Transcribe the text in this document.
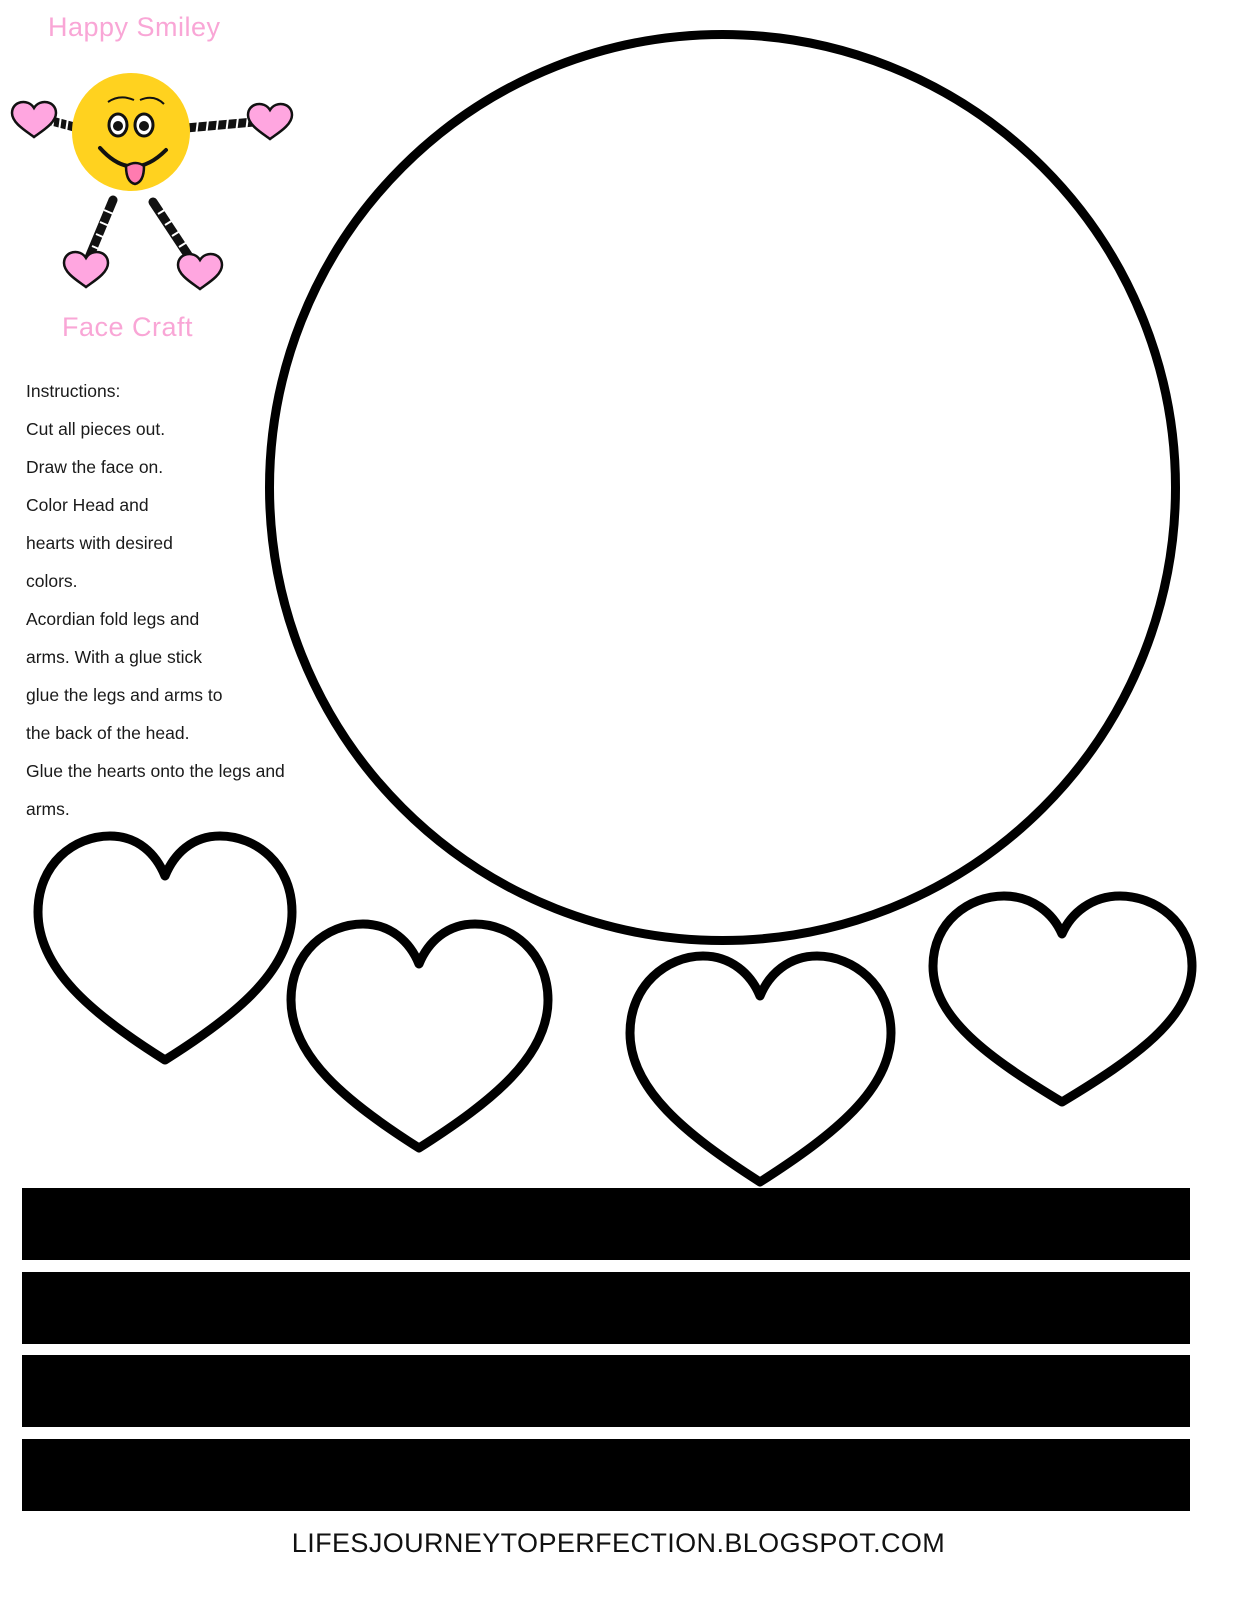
Happy Smiley
Face Craft

Instructions:

Cut all pieces out.

Draw the face on.

Color Head and

hearts with desired

colors.

Acordian fold legs and

arms. With a glue stick

glue the legs and arms to

the back of the head.

Glue the hearts onto the legs and

arms.

LIFESJOURNEYTOPERFECTION.BLOGSPOT.COM
